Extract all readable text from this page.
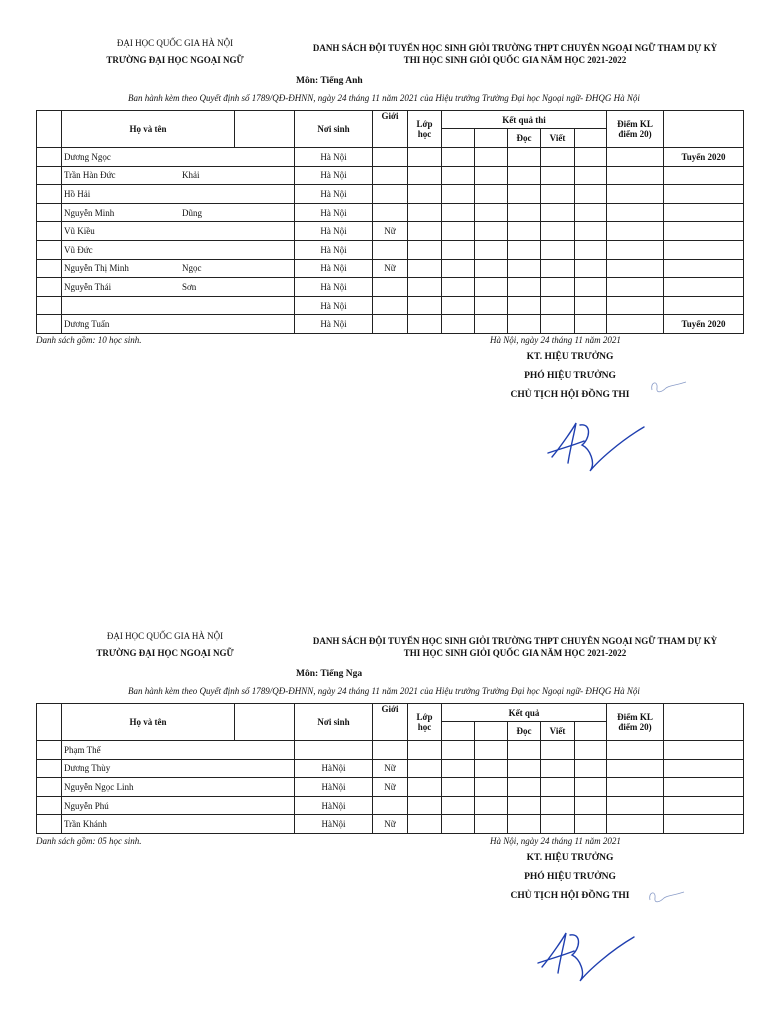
ĐẠI HỌC QUỐC GIA HÀ NỘI
TRƯỜNG ĐẠI HỌC NGOẠI NGỮ
DANH SÁCH ĐỘI TUYỂN HỌC SINH GIỎI TRƯỜNG THPT CHUYÊN NGOẠI NGỮ THAM DỰ KỲ
THI HỌC SINH GIỎI QUỐC GIA NĂM HỌC 2021-2022
Môn: Tiếng Anh
Ban hành kèm theo Quyết định số 1789/QĐ-ĐHNN, ngày 24 tháng 11 năm 2021 của Hiệu trưởng Trường Đại học Ngoại ngữ- ĐHQG Hà Nội
	Họ và tên		Nơi sinh	Giới	Lớp
học	Kết quả thi					Điểm KL
điểm 20)	
								Đọc	Viết			
	Dương Ngọc		Hà Nội									Tuyển 2020
	Trần Hàn Đức Khải		Hà Nội									
	Hồ Hải		Hà Nội									
	Nguyễn Minh Dũng		Hà Nội									
	Vũ Kiều		Hà Nội	Nữ								
	Vũ Đức		Hà Nội									
	Nguyễn Thị Minh Ngọc		Hà Nội	Nữ								
	Nguyễn Thái Sơn		Hà Nội									
			Hà Nội									
	Dương Tuấn		Hà Nội									Tuyển 2020
Danh sách gồm: 10 học sinh.	Hà Nội, ngày 24 tháng 11 năm 2021
KT. HIỆU TRƯỞNG
PHÓ HIỆU TRƯỞNG
CHỦ TỊCH HỘI ĐỒNG THI
ĐẠI HỌC QUỐC GIA HÀ NỘI
TRƯỜNG ĐẠI HỌC NGOẠI NGỮ
DANH SÁCH ĐỘI TUYỂN HỌC SINH GIỎI TRƯỜNG THPT CHUYÊN NGOẠI NGỮ THAM DỰ KỲ
THI HỌC SINH GIỎI QUỐC GIA NĂM HỌC 2021-2022
Môn: Tiếng Nga
Ban hành kèm theo Quyết định số 1789/QĐ-ĐHNN, ngày 24 tháng 11 năm 2021 của Hiệu trưởng Trường Đại học Ngoại ngữ- ĐHQG Hà Nội
	Họ và tên		Nơi sinh	Giới	Lớp
học	Kết quả					Điểm KL
điểm 20)	
								Đọc	Viết			
	Phạm Thế											
	Dương Thùy		HàNội	Nữ								
	Nguyễn Ngọc Linh		HàNội	Nữ								
	Nguyễn Phú		HàNội									
	Trần Khánh		HàNội	Nữ								
Danh sách gồm: 05 học sinh.	Hà Nội, ngày 24 tháng 11 năm 2021
KT. HIỆU TRƯỞNG
PHÓ HIỆU TRƯỞNG
CHỦ TỊCH HỘI ĐỒNG THI
